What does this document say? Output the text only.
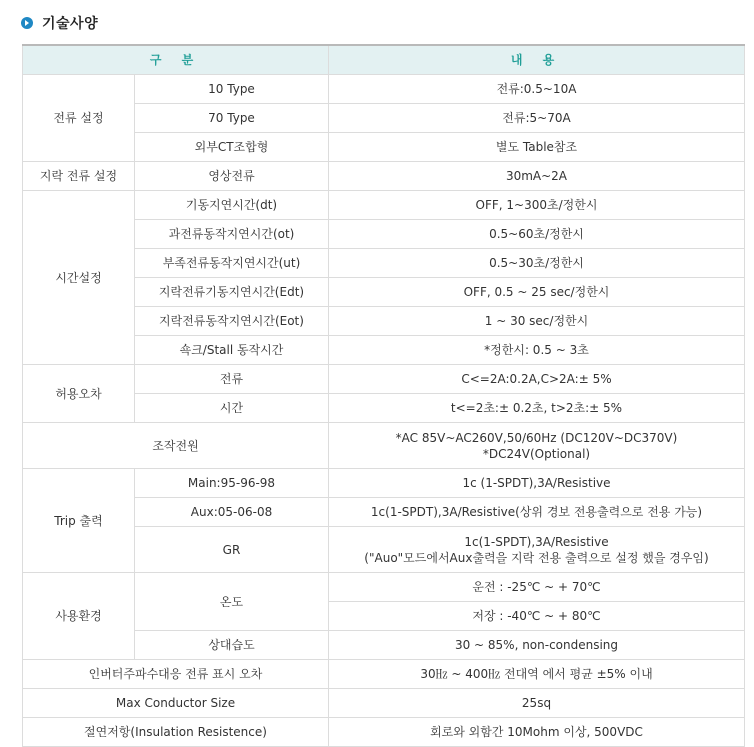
기술사양
구 분		내 용
전류 설정	10 Type	전류:0.5~10A
	70 Type	전류:5~70A
	외부CT조합형	별도 Table참조
지락 전류 설정	영상전류	30mA~2A
시간설정	기동지연시간(dt)	OFF, 1~300초/정한시
	과전류동작지연시간(ot)	0.5~60초/정한시
	부족전류동작지연시간(ut)	0.5~30초/정한시
	지락전류기동지연시간(Edt)	OFF, 0.5 ~ 25 sec/정한시
	지락전류동작지연시간(Eot)	1 ~ 30 sec/정한시
	쇽크/Stall 동작시간	*정한시: 0.5 ~ 3초
허용오차	전류	C<=2A:0.2A,C>2A:± 5%
	시간	t<=2초:± 0.2초, t>2초:± 5%
조작전원		*AC 85V~AC260V,50/60Hz (DC120V~DC370V)
*DC24V(Optional)

Trip 출력	Main:95-96-98	1c (1-SPDT),3A/Resistive
	Aux:05-06-08	1c(1-SPDT),3A/Resistive(상위 경보 전용출력으로 전용 가능)
	GR	1c(1-SPDT),3A/Resistive
("Auo"모드에서Aux출력을 지락 전용 출력으로 설정 했을 경우임)

사용환경	온도	운전 : -25℃ ~ + 70℃
		저장 : -40℃ ~ + 80℃
	상대습도	30 ~ 85%, non-condensing
인버터주파수대응 전류 표시 오차		30㎐ ~ 400㎐ 전대역 에서 평균 ±5% 이내
Max Conductor Size		25sq
절연저항(Insulation Resistence)		회로와 외함간 10Mohm 이상, 500VDC
